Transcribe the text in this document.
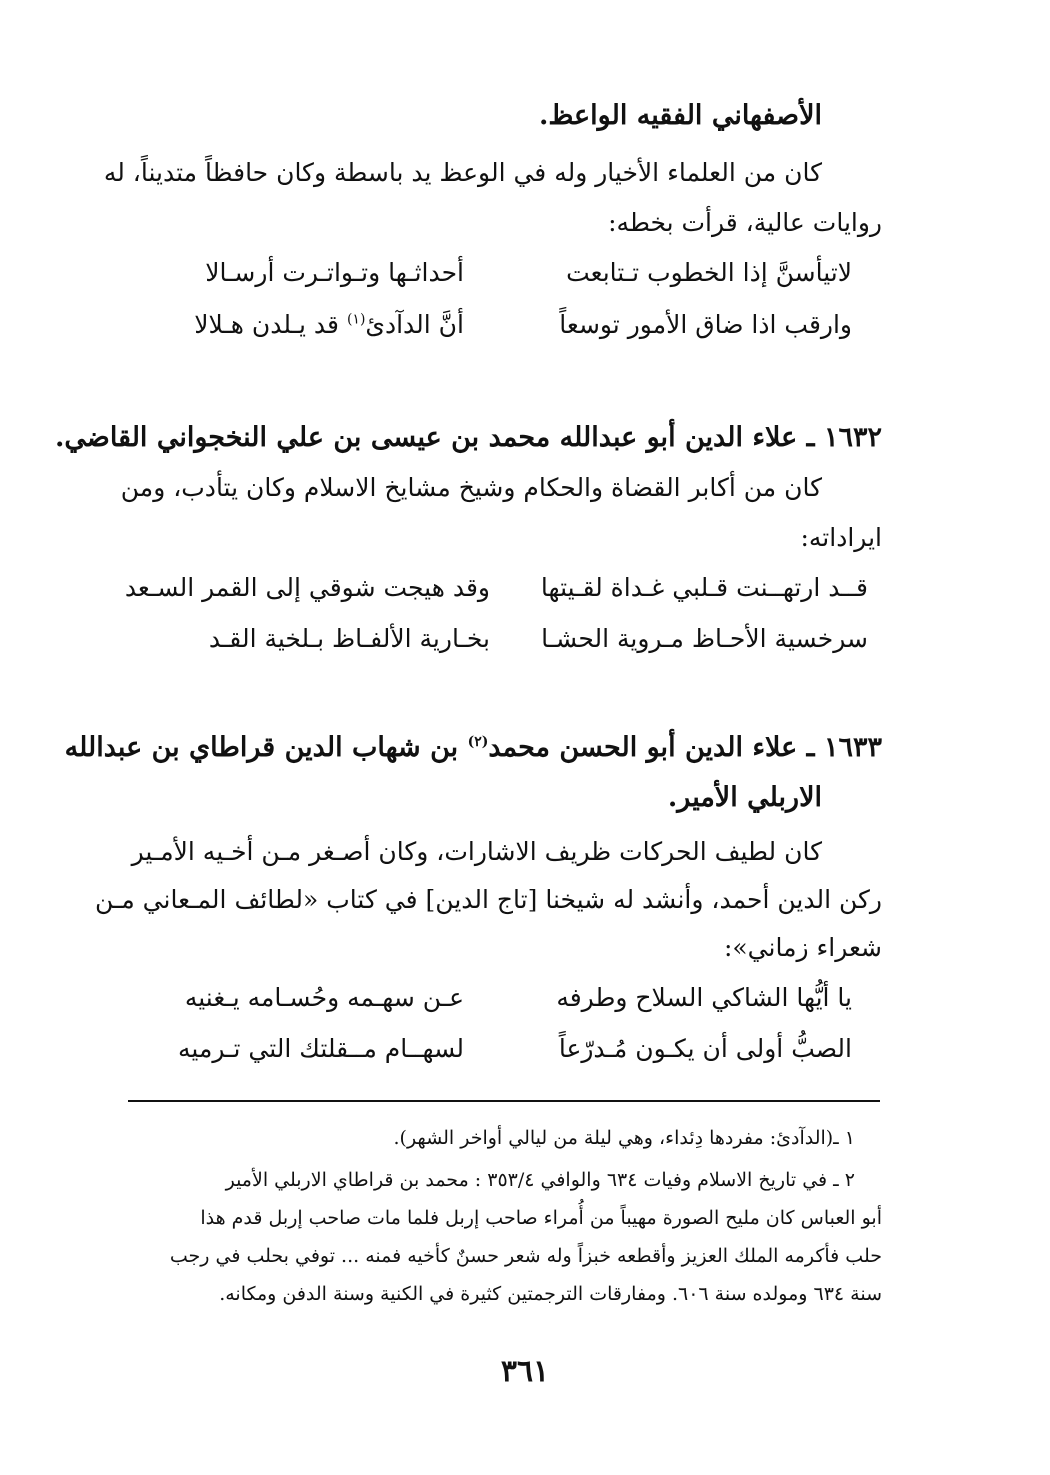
الأصفهاني الفقيه الواعظ.
كان من العلماء الأخيار وله في الوعظ يد باسطة وكان حافظاً متديناً، له
روايات عالية، قرأت بخطه:
لاتيأسنَّ إذا الخطوب تـتابعت
أحداثـها وتـواتـرت أرسـالا
وارقب اذا ضاق الأمور توسعاً
أنَّ الدآدئ$^{(١)}$ قد يـلدن هـلالا
١٦٣٢ ـ علاء الدين أبو عبدالله محمد بن عيسى بن علي النخجواني القاضي.
كان من أكابر القضاة والحكام وشيخ مشايخ الاسلام وكان يتأدب، ومن
ايراداته:
قــد ارتهــنت قـلبي غـداة لقـيتها
وقد هيجت شوقي إلى القمر السـعد
سرخسية الأحـاظ مـروية الحشـا
بخـارية الألفـاظ بـلخية القـد
١٦٣٣ ـ علاء الدين أبو الحسن محمد$^{(٢)}$ بن شهاب الدين قراطاي بن عبدالله
الاربلي الأمير.
كان لطيف الحركات ظريف الاشارات، وكان أصـغر مـن أخـيه الأمـير
ركن الدين أحمد، وأنشد له شيخنا [تاج الدين] في كتاب «لطائف المـعاني مـن
شعراء زماني»:
يا أيُّها الشاكي السلاح وطرفه
عـن سهـمه وحُسـامه يـغنيه
الصبُّ أولى أن يكـون مُـدرّعاً
لسهــام مــقلتك التي تـرميه
١ ـ(الدآدئ: مفردها دِئداء، وهي ليلة من ليالي أواخر الشهر).
٢ ـ في تاريخ الاسلام وفيات ٦٣٤ والوافي ٣٥٣/٤ : محمد بن قراطاي الاربلي الأمير
أبو العباس كان مليح الصورة مهيباً من أُمراء صاحب إربل فلما مات صاحب إربل قدم هذا
حلب فأكرمه الملك العزيز وأقطعه خبزاً وله شعر حسنٌ كأخيه فمنه ... توفي بحلب في رجب
سنة ٦٣٤ ومولده سنة ٦٠٦. ومفارقات الترجمتين كثيرة في الكنية وسنة الدفن ومكانه.
٣٦١
